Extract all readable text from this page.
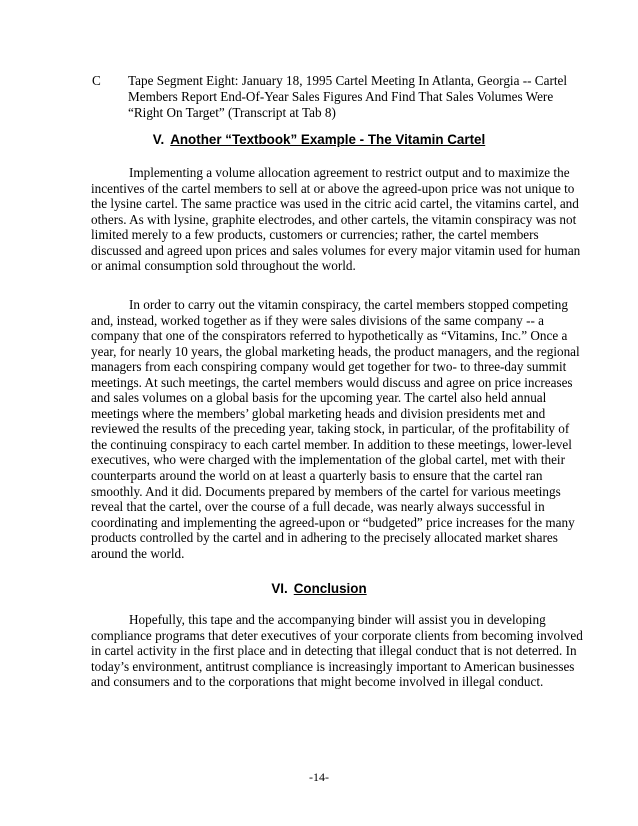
C Tape Segment Eight: January 18, 1995 Cartel Meeting In Atlanta, Georgia -- Cartel Members Report End-Of-Year Sales Figures And Find That Sales Volumes Were “Right On Target” (Transcript at Tab 8)
V. Another “Textbook” Example - The Vitamin Cartel
Implementing a volume allocation agreement to restrict output and to maximize the incentives of the cartel members to sell at or above the agreed-upon price was not unique to the lysine cartel. The same practice was used in the citric acid cartel, the vitamins cartel, and others. As with lysine, graphite electrodes, and other cartels, the vitamin conspiracy was not limited merely to a few products, customers or currencies; rather, the cartel members discussed and agreed upon prices and sales volumes for every major vitamin used for human or animal consumption sold throughout the world.
In order to carry out the vitamin conspiracy, the cartel members stopped competing and, instead, worked together as if they were sales divisions of the same company -- a company that one of the conspirators referred to hypothetically as “Vitamins, Inc.” Once a year, for nearly 10 years, the global marketing heads, the product managers, and the regional managers from each conspiring company would get together for two- to three-day summit meetings. At such meetings, the cartel members would discuss and agree on price increases and sales volumes on a global basis for the upcoming year. The cartel also held annual meetings where the members’ global marketing heads and division presidents met and reviewed the results of the preceding year, taking stock, in particular, of the profitability of the continuing conspiracy to each cartel member. In addition to these meetings, lower-level executives, who were charged with the implementation of the global cartel, met with their counterparts around the world on at least a quarterly basis to ensure that the cartel ran smoothly. And it did. Documents prepared by members of the cartel for various meetings reveal that the cartel, over the course of a full decade, was nearly always successful in coordinating and implementing the agreed-upon or “budgeted” price increases for the many products controlled by the cartel and in adhering to the precisely allocated market shares around the world.
VI. Conclusion
Hopefully, this tape and the accompanying binder will assist you in developing compliance programs that deter executives of your corporate clients from becoming involved in cartel activity in the first place and in detecting that illegal conduct that is not deterred. In today’s environment, antitrust compliance is increasingly important to American businesses and consumers and to the corporations that might become involved in illegal conduct.
-14-
